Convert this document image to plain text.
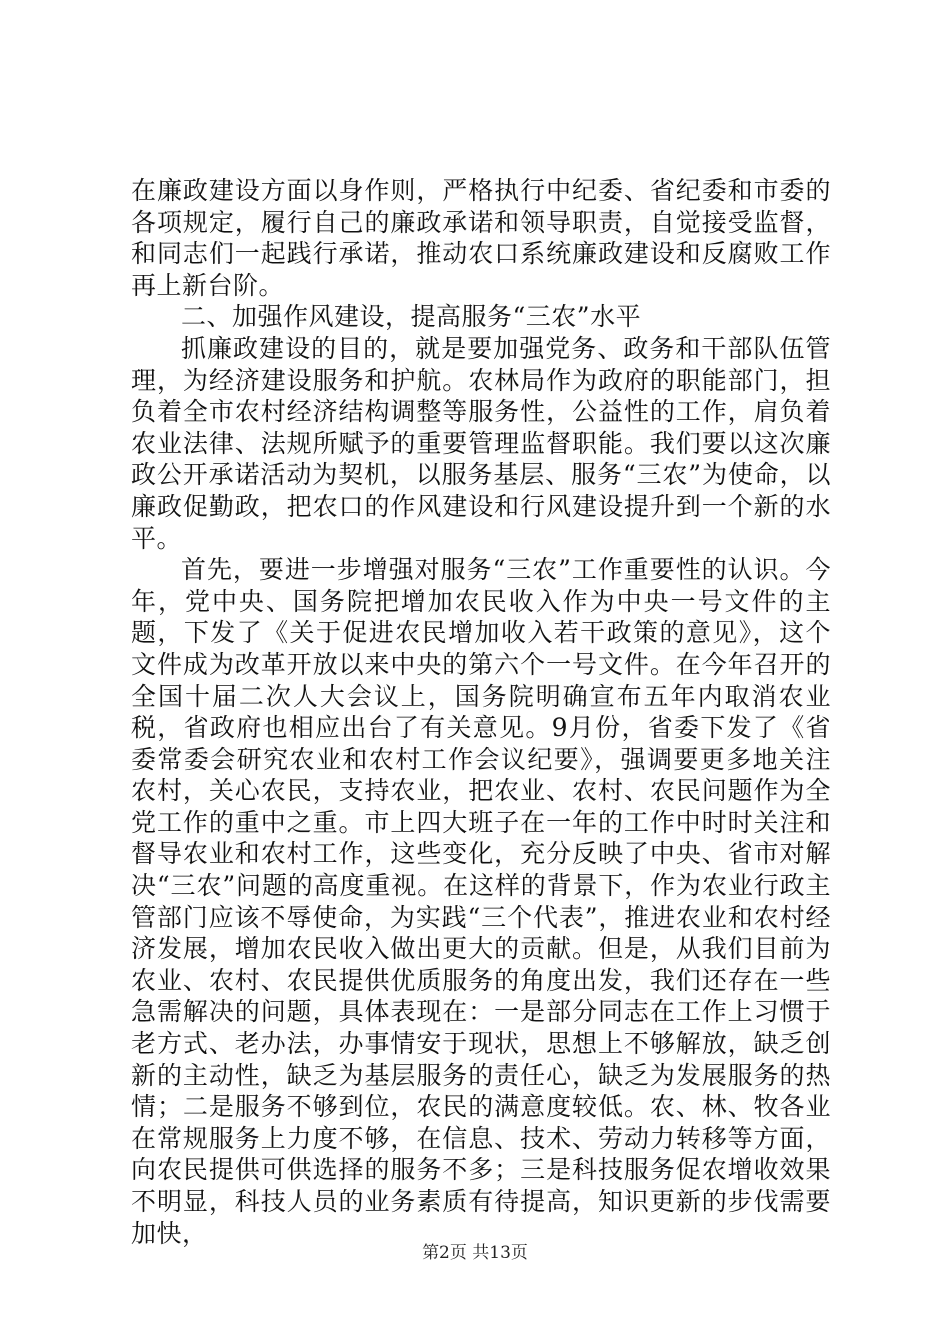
在廉政建设方面以身作则，严格执行中纪委、省纪委和市委的各项规定，履行自己的廉政承诺和领导职责，自觉接受监督，和同志们一起践行承诺，推动农口系统廉政建设和反腐败工作再上新台阶。

二、加强作风建设，提高服务“三农”水平

抓廉政建设的目的，就是要加强党务、政务和干部队伍管理，为经济建设服务和护航。农林局作为政府的职能部门，担负着全市农村经济结构调整等服务性，公益性的工作，肩负着农业法律、法规所赋予的重要管理监督职能。我们要以这次廉政公开承诺活动为契机，以服务基层、服务“三农”为使命，以廉政促勤政，把农口的作风建设和行风建设提升到一个新的水平。

首先，要进一步增强对服务“三农”工作重要性的认识。今年，党中央、国务院把增加农民收入作为中央一号文件的主题，下发了《关于促进农民增加收入若干政策的意见》，这个文件成为改革开放以来中央的第六个一号文件。在今年召开的全国十届二次人大会议上，国务院明确宣布五年内取消农业税，省政府也相应出台了有关意见。9月份，省委下发了《省委常委会研究农业和农村工作会议纪要》，强调要更多地关注农村，关心农民，支持农业，把农业、农村、农民问题作为全党工作的重中之重。市上四大班子在一年的工作中时时关注和督导农业和农村工作，这些变化，充分反映了中央、省市对解决“三农”问题的高度重视。在这样的背景下，作为农业行政主管部门应该不辱使命，为实践“三个代表”，推进农业和农村经济发展，增加农民收入做出更大的贡献。但是，从我们目前为农业、农村、农民提供优质服务的角度出发，我们还存在一些急需解决的问题，具体表现在：一是部分同志在工作上习惯于老方式、老办法，办事情安于现状，思想上不够解放，缺乏创新的主动性，缺乏为基层服务的责任心，缺乏为发展服务的热情；二是服务不够到位，农民的满意度较低。农、林、牧各业在常规服务上力度不够，在信息、技术、劳动力转移等方面，向农民提供可供选择的服务不多；三是科技服务促农增收效果不明显，科技人员的业务素质有待提高，知识更新的步伐需要加快，

第2页 共13页
